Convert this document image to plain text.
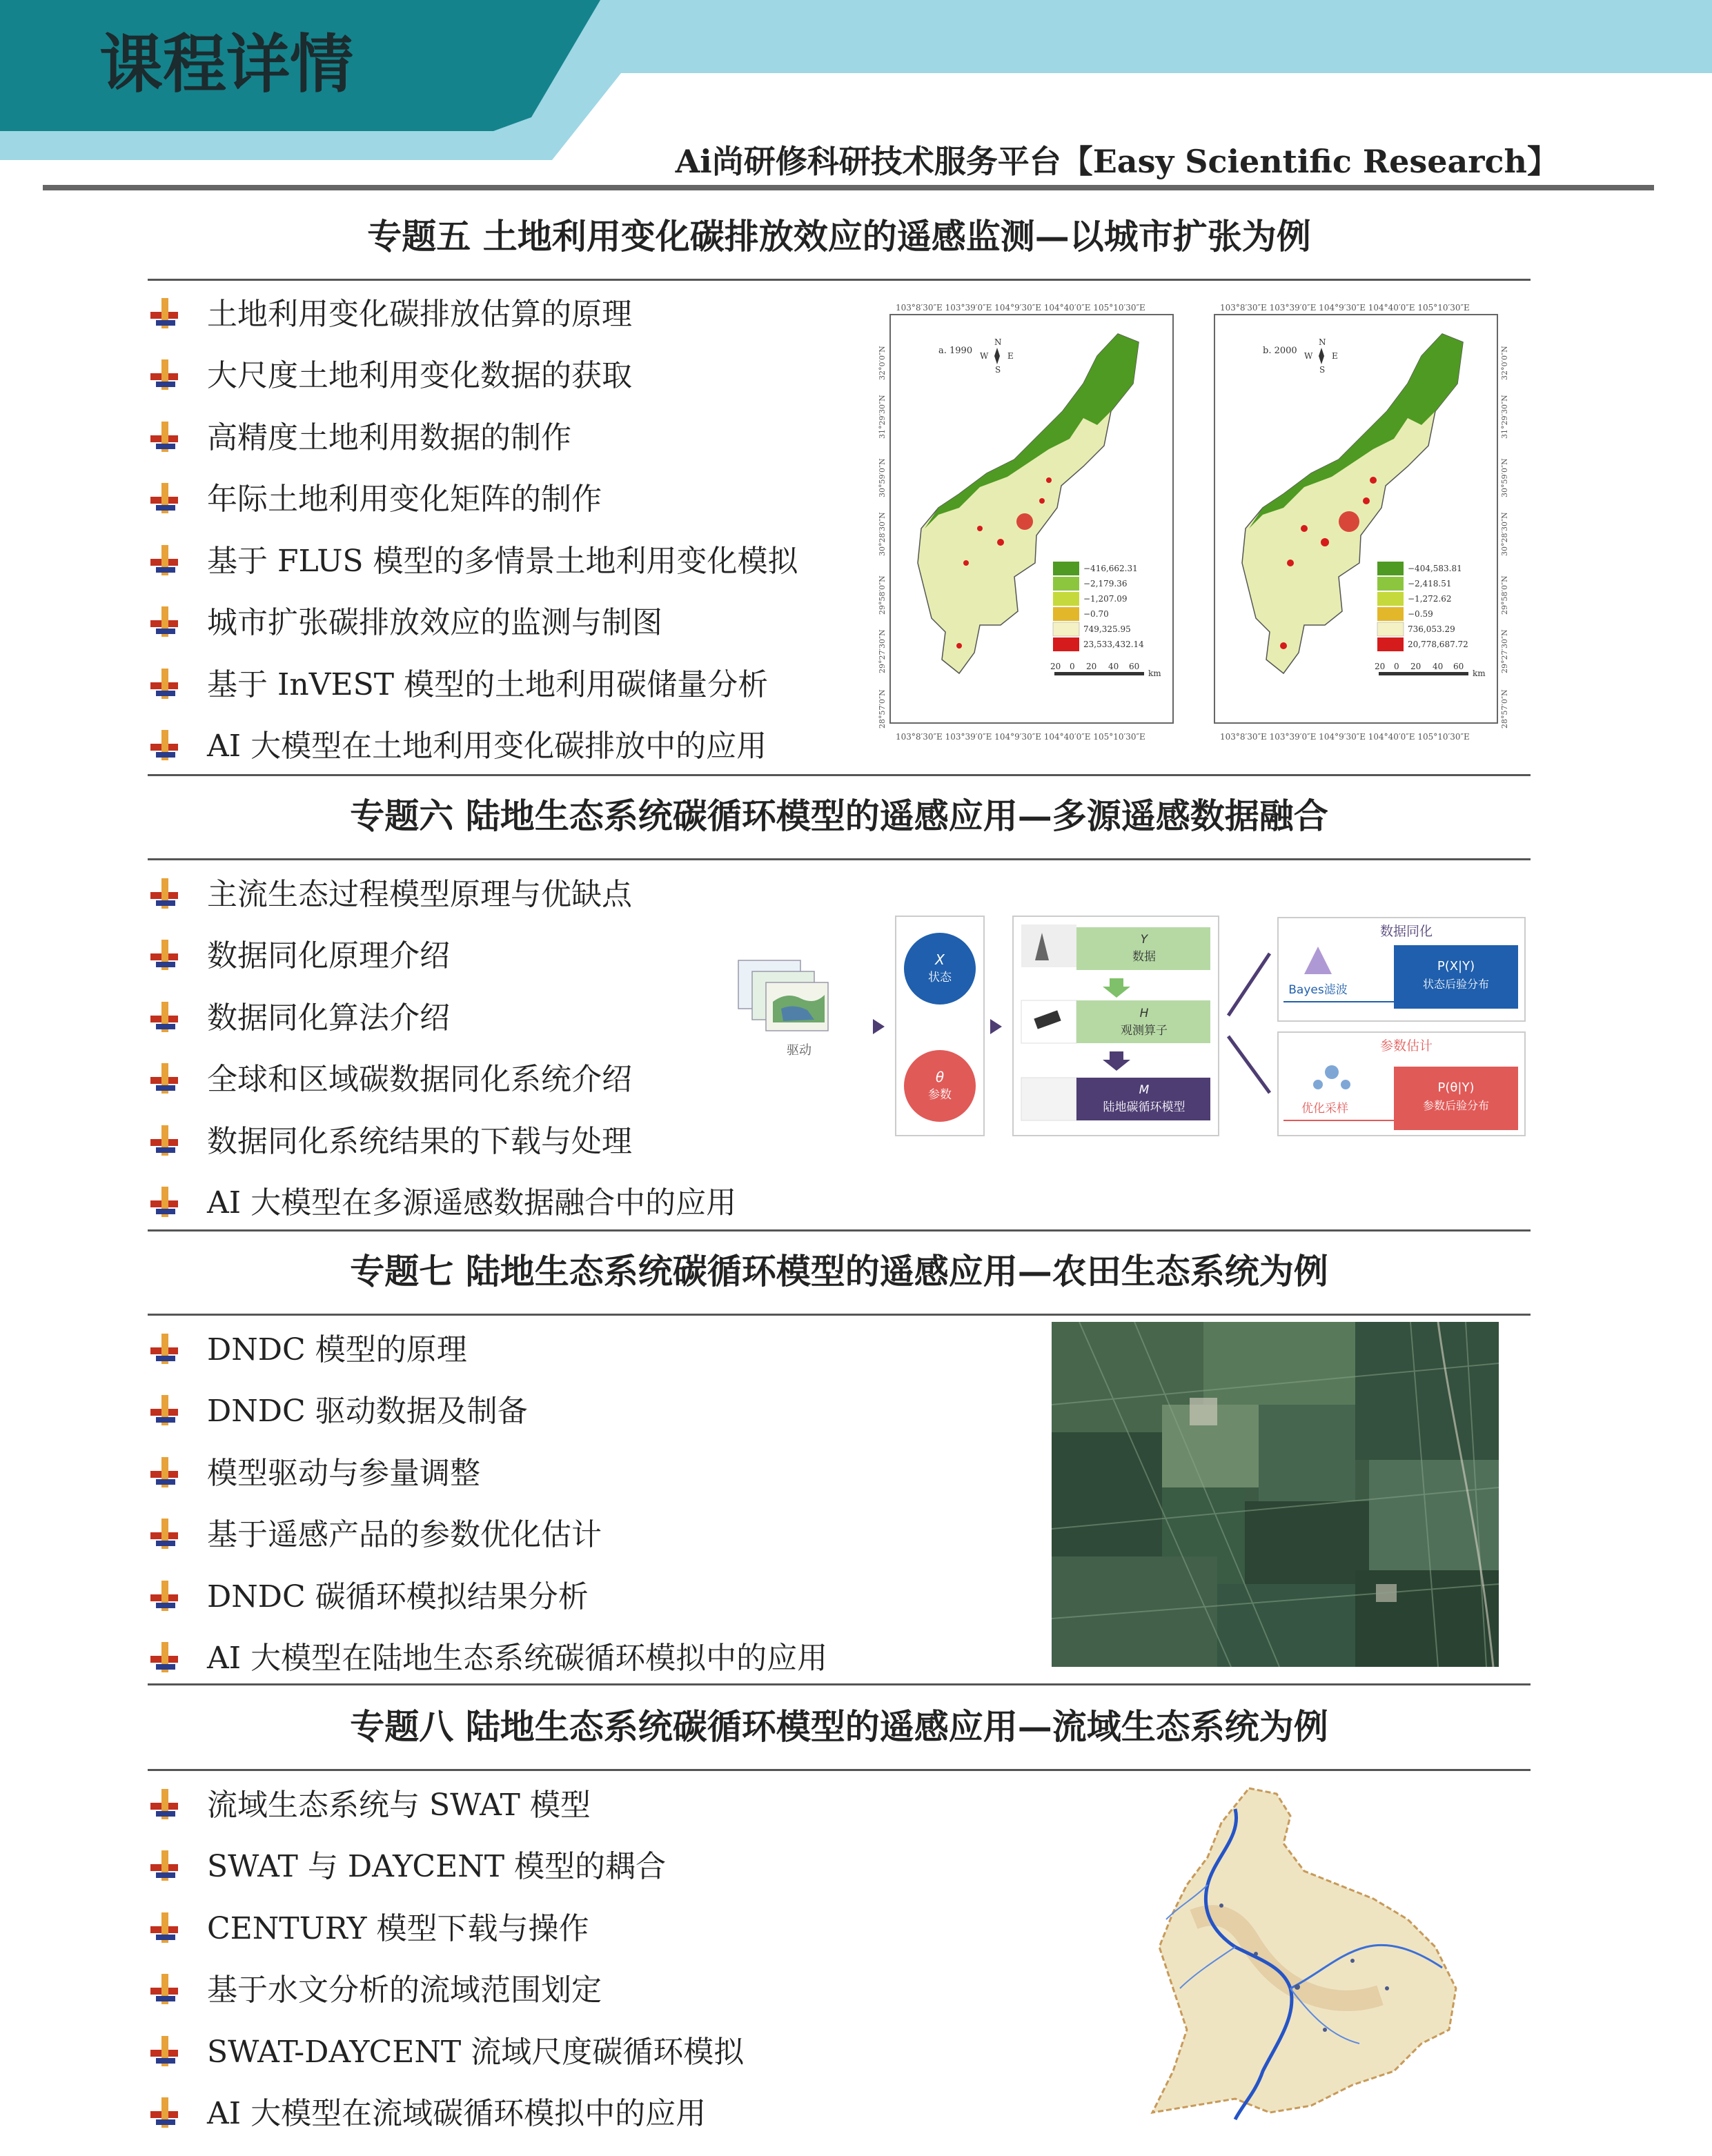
课程详情
Ai尚研修科研技术服务平台【Easy Scientific Research】
专题五 土地利用变化碳排放效应的遥感监测—以城市扩张为例
土地利用变化碳排放估算的原理
大尺度土地利用变化数据的获取
高精度土地利用数据的制作
年际土地利用变化矩阵的制作
基于 FLUS 模型的多情景土地利用变化模拟
城市扩张碳排放效应的监测与制图
基于 InVEST 模型的土地利用碳储量分析
AI 大模型在土地利用变化碳排放中的应用
103°8′30″E 103°39′0″E 104°9′30″E 104°40′0″E 105°10′30″E
103°8′30″E 103°39′0″E 104°9′30″E 104°40′0″E 105°10′30″E
28°57′0″N
29°27′30″N
29°58′0″N
30°28′30″N
30°59′0″N
31°29′30″N
32°0′0″N	a. 1990
N
W E
S
−416,662.31
−2,179.36
−1,207.09
−0.70
749,325.95
23,533,432.14
20 0 20 40 60
km
103°8′30″E 103°39′0″E 104°9′30″E 104°40′0″E 105°10′30″E
103°8′30″E 103°39′0″E 104°9′30″E 104°40′0″E 105°10′30″E
28°57′0″N
29°27′30″N
29°58′0″N
30°28′30″N
30°59′0″N
31°29′30″N
32°0′0″N
b. 2000
N
W E
S
−404,583.81
−2,418.51
−1,272.62
−0.59
736,053.29
20,778,687.72
20 0 20 40 60
km
专题六 陆地生态系统碳循环模型的遥感应用—多源遥感数据融合
主流生态过程模型原理与优缺点
数据同化原理介绍
数据同化算法介绍
全球和区域碳数据同化系统介绍
数据同化系统结果的下载与处理
AI 大模型在多源遥感数据融合中的应用
驱动
X
状态
θ
参数
Y
数据
H
观测算子
M
陆地碳循环模型
数据同化
Bayes滤波
P(X|Y)
状态后验分布
参数估计
优化采样
P(θ|Y)
参数后验分布
专题七 陆地生态系统碳循环模型的遥感应用—农田生态系统为例
DNDC 模型的原理
DNDC 驱动数据及制备
模型驱动与参量调整
基于遥感产品的参数优化估计
DNDC 碳循环模拟结果分析
AI 大模型在陆地生态系统碳循环模拟中的应用
专题八 陆地生态系统碳循环模型的遥感应用—流域生态系统为例
流域生态系统与 SWAT 模型
SWAT 与 DAYCENT 模型的耦合
CENTURY 模型下载与操作
基于水文分析的流域范围划定
SWAT-DAYCENT 流域尺度碳循环模拟
AI 大模型在流域碳循环模拟中的应用
